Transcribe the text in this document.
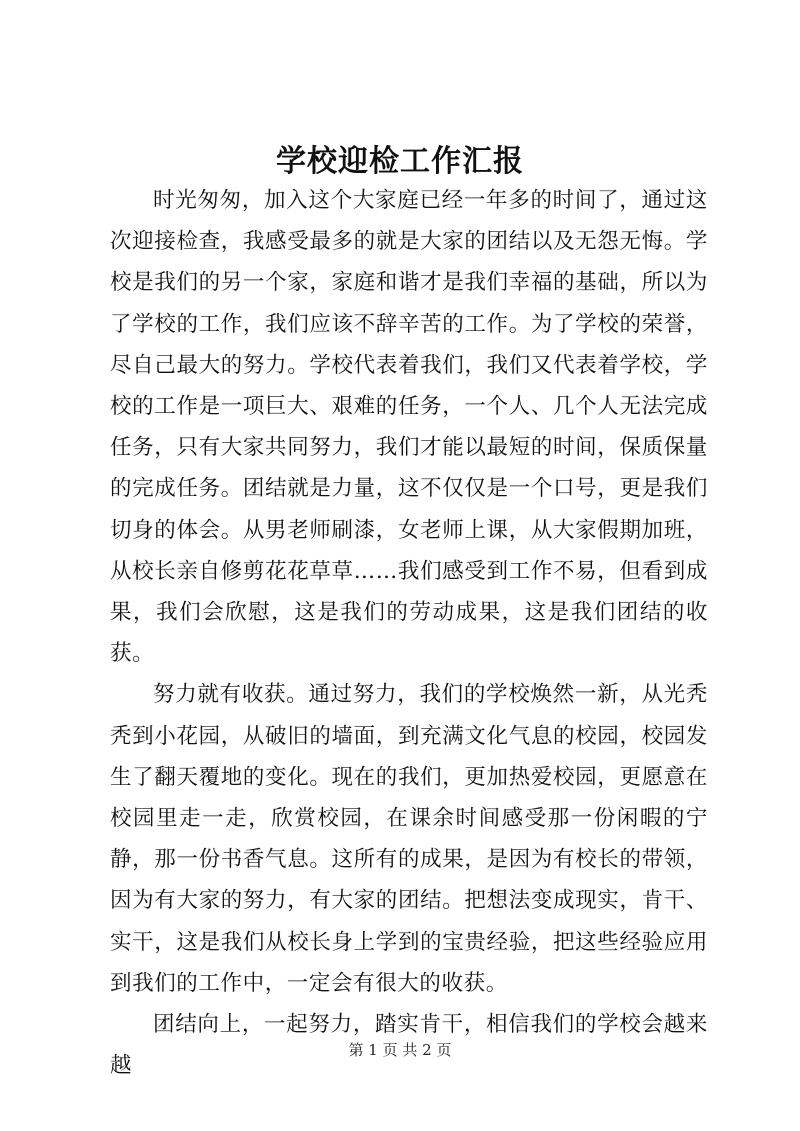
学校迎检工作汇报

时光匆匆，加入这个大家庭已经一年多的时间了，通过这次迎接检查，我感受最多的就是大家的团结以及无怨无悔。学校是我们的另一个家，家庭和谐才是我们幸福的基础，所以为了学校的工作，我们应该不辞辛苦的工作。为了学校的荣誉，尽自己最大的努力。学校代表着我们，我们又代表着学校，学校的工作是一项巨大、艰难的任务，一个人、几个人无法完成任务，只有大家共同努力，我们才能以最短的时间，保质保量的完成任务。团结就是力量，这不仅仅是一个口号，更是我们切身的体会。从男老师刷漆，女老师上课，从大家假期加班，从校长亲自修剪花花草草……我们感受到工作不易，但看到成果，我们会欣慰，这是我们的劳动成果，这是我们团结的收获。

努力就有收获。通过努力，我们的学校焕然一新，从光秃秃到小花园，从破旧的墙面，到充满文化气息的校园，校园发生了翻天覆地的变化。现在的我们，更加热爱校园，更愿意在校园里走一走，欣赏校园，在课余时间感受那一份闲暇的宁静，那一份书香气息。这所有的成果，是因为有校长的带领，因为有大家的努力，有大家的团结。把想法变成现实，肯干、实干，这是我们从校长身上学到的宝贵经验，把这些经验应用到我们的工作中，一定会有很大的收获。

团结向上，一起努力，踏实肯干，相信我们的学校会越来越

第 1 页 共 2 页
